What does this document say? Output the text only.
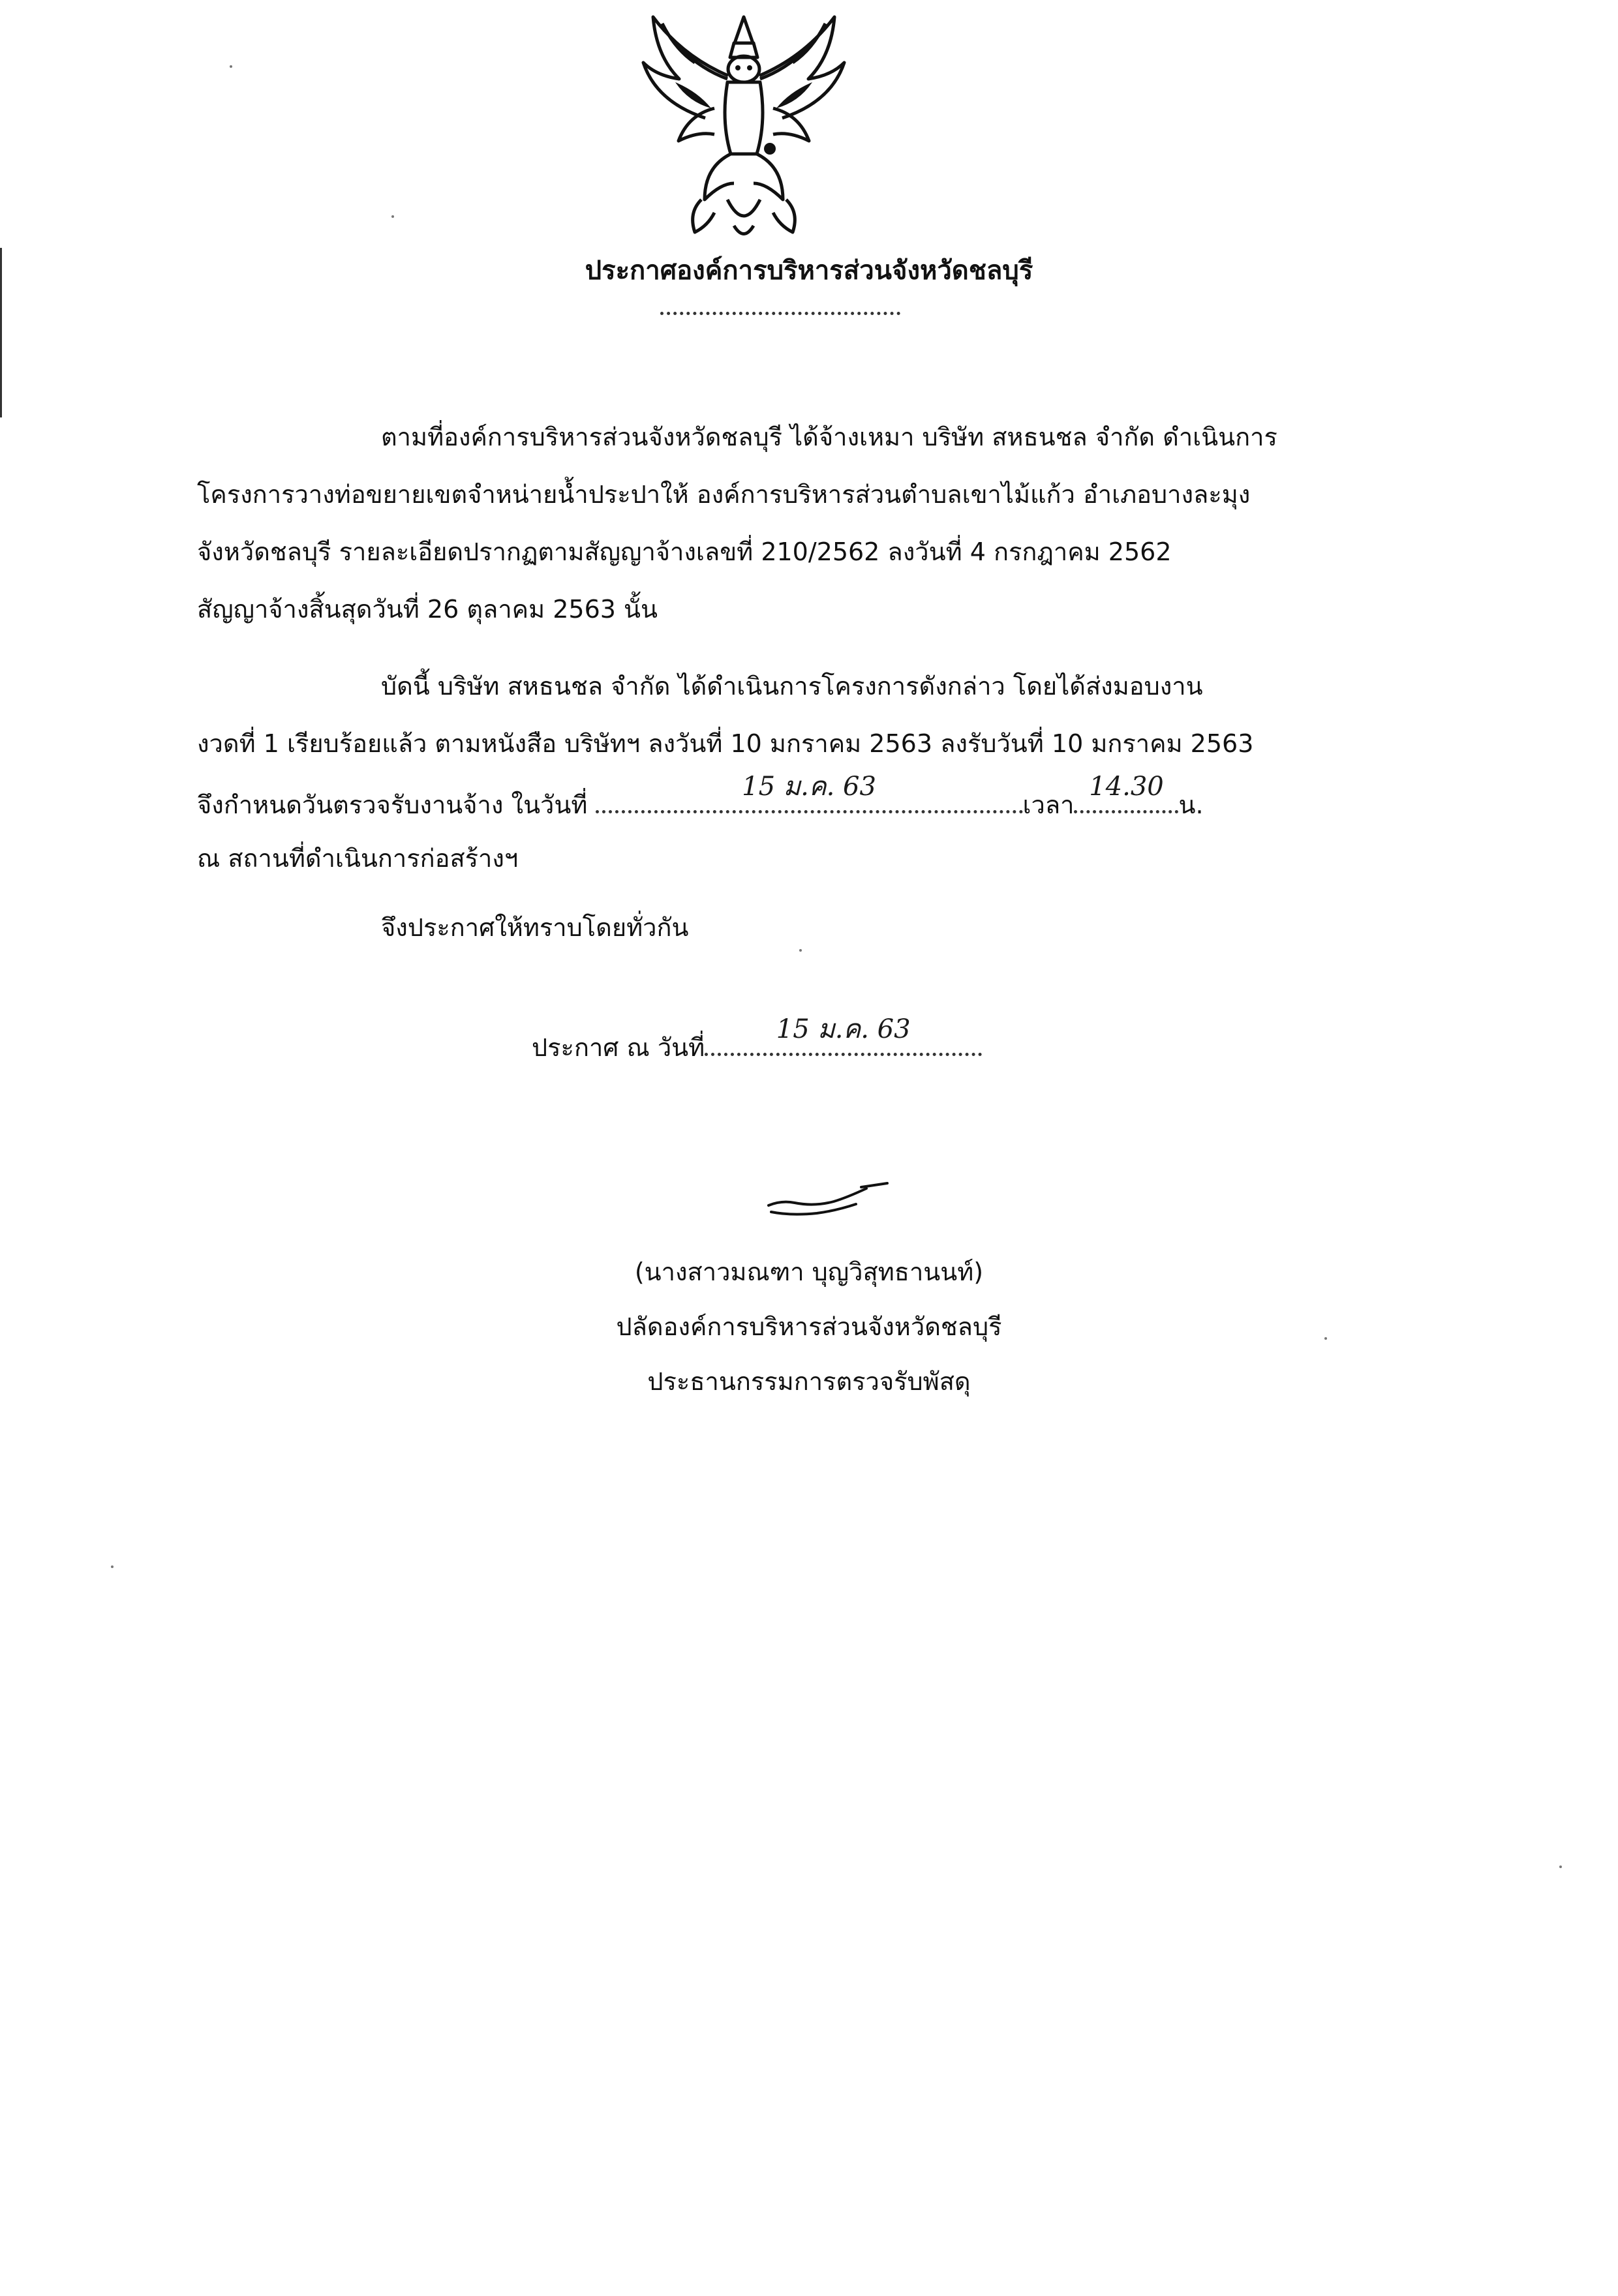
ประกาศองค์การบริหารส่วนจังหวัดชลบุรี
ตามที่องค์การบริหารส่วนจังหวัดชลบุรี ได้จ้างเหมา บริษัท สหธนชล จำกัด ดำเนินการ
โครงการวางท่อขยายเขตจำหน่ายน้ำประปาให้ องค์การบริหารส่วนตำบลเขาไม้แก้ว อำเภอบางละมุง
จังหวัดชลบุรี รายละเอียดปรากฏตามสัญญาจ้างเลขที่ 210/2562 ลงวันที่ 4 กรกฎาคม 2562
สัญญาจ้างสิ้นสุดวันที่ 26 ตุลาคม 2563 นั้น
บัดนี้ บริษัท สหธนชล จำกัด ได้ดำเนินการโครงการดังกล่าว โดยได้ส่งมอบงาน
งวดที่ 1 เรียบร้อยแล้ว ตามหนังสือ บริษัทฯ ลงวันที่ 10 มกราคม 2563 ลงรับวันที่ 10 มกราคม 2563
จึงกำหนดวันตรวจรับงานจ้าง ในวันที่
15 ม.ค. 63
เวลา
14.30
น.
ณ สถานที่ดำเนินการก่อสร้างฯ
จึงประกาศให้ทราบโดยทั่วกัน
ประกาศ ณ วันที่
15 ม.ค. 63
(นางสาวมณฑา บุญวิสุทธานนท์)
ปลัดองค์การบริหารส่วนจังหวัดชลบุรี
ประธานกรรมการตรวจรับพัสดุ
